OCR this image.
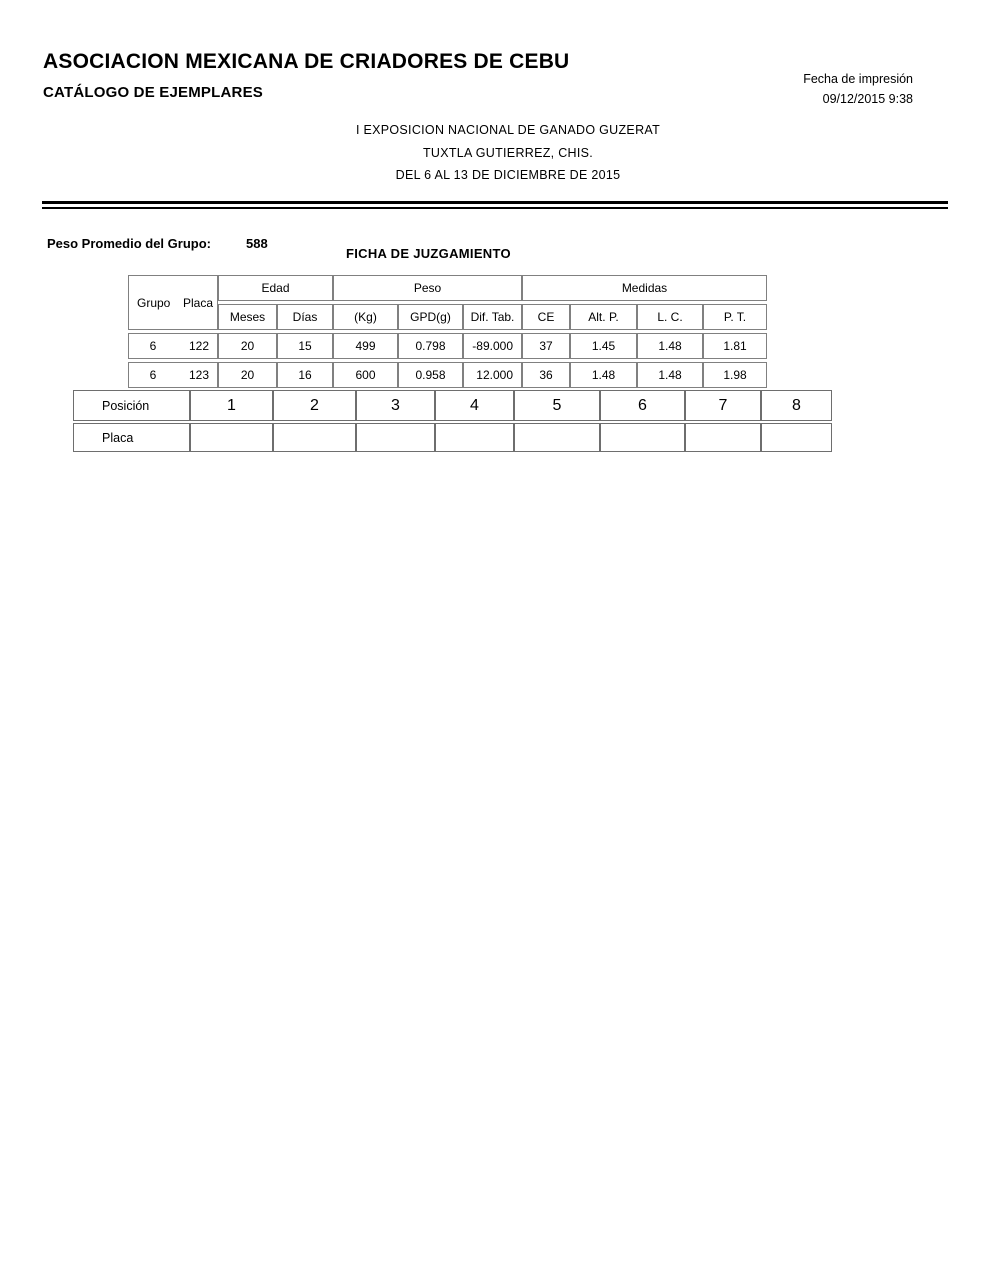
ASOCIACION MEXICANA DE CRIADORES DE CEBU
CATÁLOGO DE EJEMPLARES
Fecha de impresión
09/12/2015 9:38
I EXPOSICION NACIONAL DE GANADO GUZERAT
TUXTLA GUTIERREZ, CHIS.
DEL 6 AL 13 DE DICIEMBRE DE 2015
Peso Promedio del Grupo:	588
FICHA DE JUZGAMIENTO
Grupo Placa	Edad		Peso			Medidas			
	Meses	Días	(Kg)	GPD(g)	Dif. Tab.	CE	Alt. P.	L. C.	P. T.

6 122	20	15	499	0.798	-89.000	37	1.45	1.48	1.81

6 123	20	16	600	0.958	12.000	36	1.48	1.48	1.98
Posición	1	2	3	4	5	6	7	8
Placa								
